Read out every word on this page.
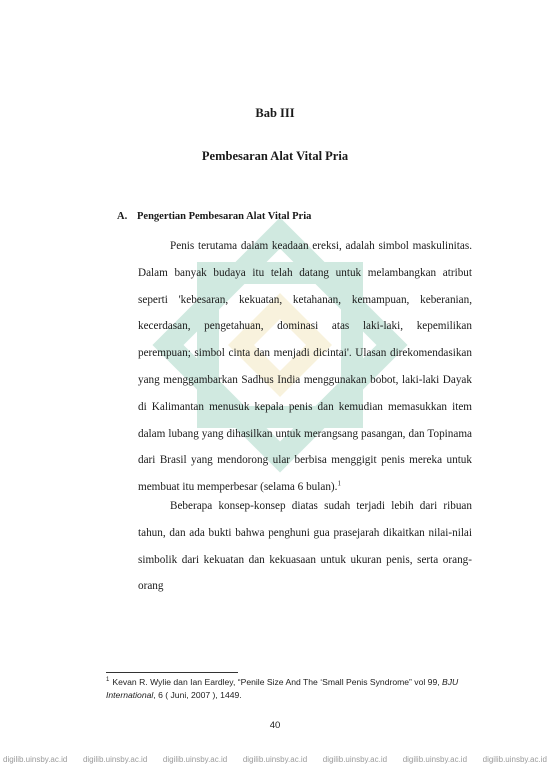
Bab III
Pembesaran Alat Vital Pria
A. Pengertian Pembesaran Alat Vital Pria

Penis terutama dalam keadaan ereksi, adalah simbol maskulinitas. Dalam banyak budaya itu telah datang untuk melambangkan atribut seperti 'kebesaran, kekuatan, ketahanan, kemampuan, keberanian, kecerdasan, pengetahuan, dominasi atas laki-laki, kepemilikan perempuan; simbol cinta dan menjadi dicintai'. Ulasan direkomendasikan yang menggambarkan Sadhus India menggunakan bobot, laki-laki Dayak di Kalimantan menusuk kepala penis dan kemudian memasukkan item dalam lubang yang dihasilkan untuk merangsang pasangan, dan Topinama dari Brasil yang mendorong ular berbisa menggigit penis mereka untuk membuat itu memperbesar (selama 6 bulan).$^1$

Beberapa konsep-konsep diatas sudah terjadi lebih dari ribuan tahun, dan ada bukti bahwa penghuni gua prasejarah dikaitkan nilai-nilai simbolik dari kekuatan dan kekuasaan untuk ukuran penis, serta orang-orang

$^1$ Kevan R. Wylie dan Ian Eardley, “Penile Size And The ‘Small Penis Syndrome” vol 99, BJU International, 6 ( Juni, 2007 ), 1449.

40
digilib.uinsby.ac.id digilib.uinsby.ac.id digilib.uinsby.ac.id digilib.uinsby.ac.id digilib.uinsby.ac.id digilib.uinsby.ac.id digilib.uinsby.ac.id
